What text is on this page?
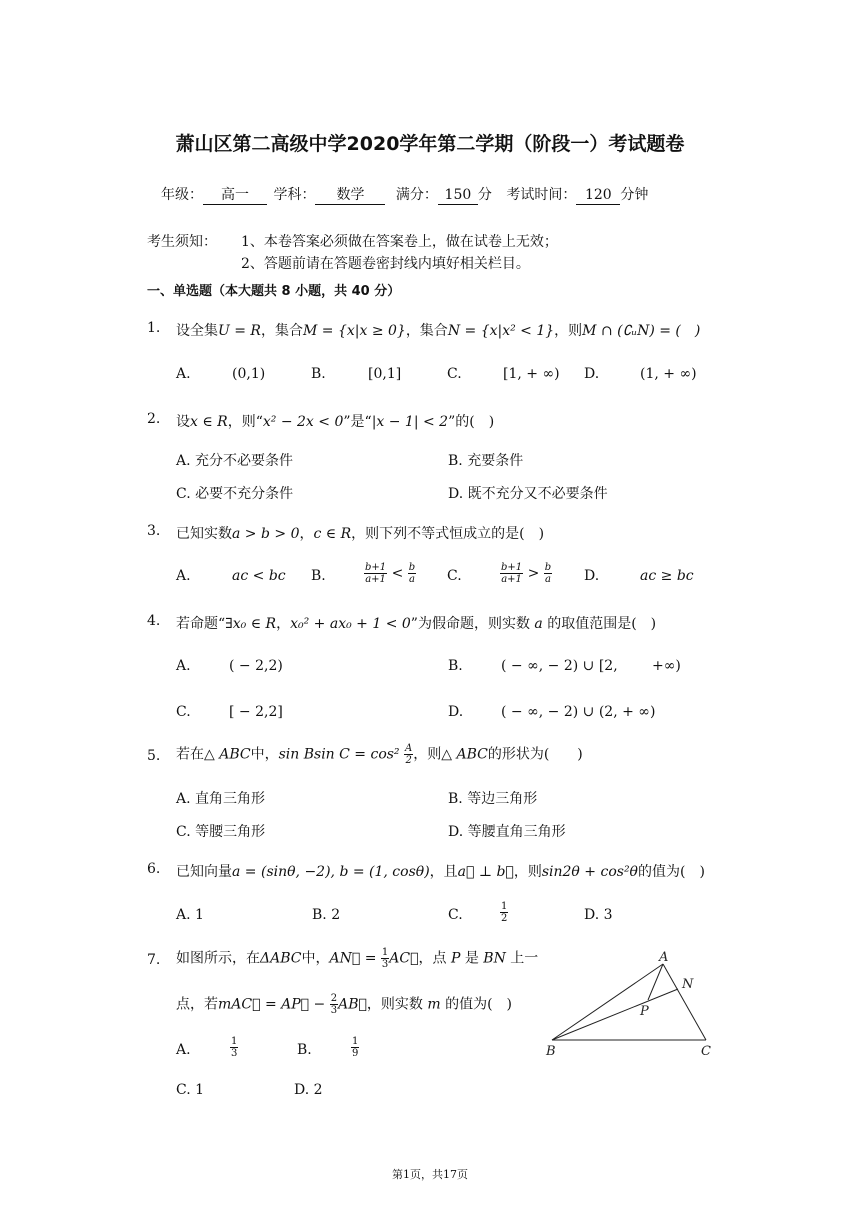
萧山区第二高级中学2020学年第二学期（阶段一）考试题卷
年级： 高一 学科： 数学 满分： 150 分 考试时间： 120 分钟
考生须知： 1、本卷答案必须做在答案卷上，做在试卷上无效；
2、答题前请在答题卷密封线内填好相关栏目。
一、单选题（本大题共 8 小题，共 40 分）
1. 设全集U = R，集合M = {x|x ≥ 0}，集合N = {x|x² < 1}，则M ∩ (∁ᵤN) = (　)
A.	(0,1)	B.	[0,1]	C.	[1, + ∞) D.	(1, + ∞)
2. 设x ∈ R，则“x² − 2x < 0”是“|x − 1| < 2”的(　)
A. 充分不必要条件	B. 充要条件
C. 必要不充分条件	D. 既不充分又不必要条件
3. 已知实数a > b > 0，c ∈ R，则下列不等式恒成立的是(　)
A.	ac < bc B.	$\frac{b+1}{a+1} < \frac{b}{a} C$.	$\frac{b+1}{a+1} > \frac{b}{a} D$.	ac ≥ bc
4. 若命题“∃x₀ ∈ R，x₀² + ax₀ + 1 < 0”为假命题，则实数 a 的取值范围是(　)
A.	( − 2,2)	B.	( − ∞, − 2) ∪ [2, +∞)
C.	[ − 2,2]	D.	( − ∞, − 2) ∪ (2, + ∞)
5. 若在△ ABC中，sin Bsin $C = \cos^2 \frac{A}{2}$ ，则△ ABC的形状为(　　)
A. 直角三角形	B. 等边三角形
C. 等腰三角形	D. 等腰直角三角形
6. 已知向量a = (sinθ, −2), b = (1, cosθ)，且a⃗ ⊥ b⃗，则sin2θ + cos²θ的值为(　)
A. 1	B. 2	C.	$\frac{1}{2}$	D. 3
7. 如图所示，在ΔABC中，AN⃗ = $\frac{1}{3}$ AC⃗，点 P 是 BN 上一
点，若mAC⃗ = AP⃗ − $\frac{2}{3}$ AB⃗，则实数 m 的值为(　)
A.	$\frac{1}{3}$	B.	$\frac{1}{9}$
C. 1	D. 2
A
N
P
B	C
第1页，共17页
